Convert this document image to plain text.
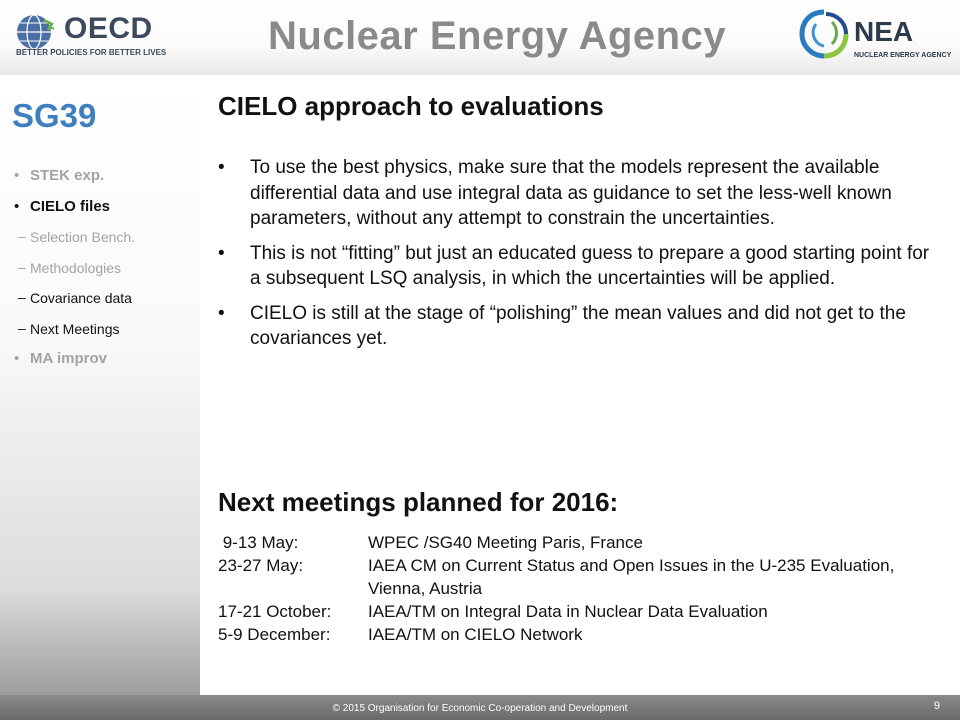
OECD
BETTER POLICIES FOR BETTER LIVES	Nuclear Energy Agency	NEA
NUCLEAR ENERGY AGENCY
SG39
• STEK exp.
• CIELO files
– Selection Bench.
– Methodologies
– Covariance data
– Next Meetings
• MA improv
CIELO approach to evaluations
• To use the best physics, make sure that the models represent the available differential data and use integral data as guidance to set the less-well known parameters, without any attempt to constrain the uncertainties.
• This is not “fitting” but just an educated guess to prepare a good starting point for a subsequent LSQ analysis, in which the uncertainties will be applied.
• CIELO is still at the stage of “polishing” the mean values and did not get to the covariances yet.
Next meetings planned for 2016:
9-13 May:	WPEC /SG40 Meeting Paris, France
23-27 May:	IAEA CM on Current Status and Open Issues in the U-235 Evaluation, Vienna, Austria
17-21 October:	IAEA/TM on Integral Data in Nuclear Data Evaluation
5-9 December:	IAEA/TM on CIELO Network
© 2015 Organisation for Economic Co-operation and Development	9
